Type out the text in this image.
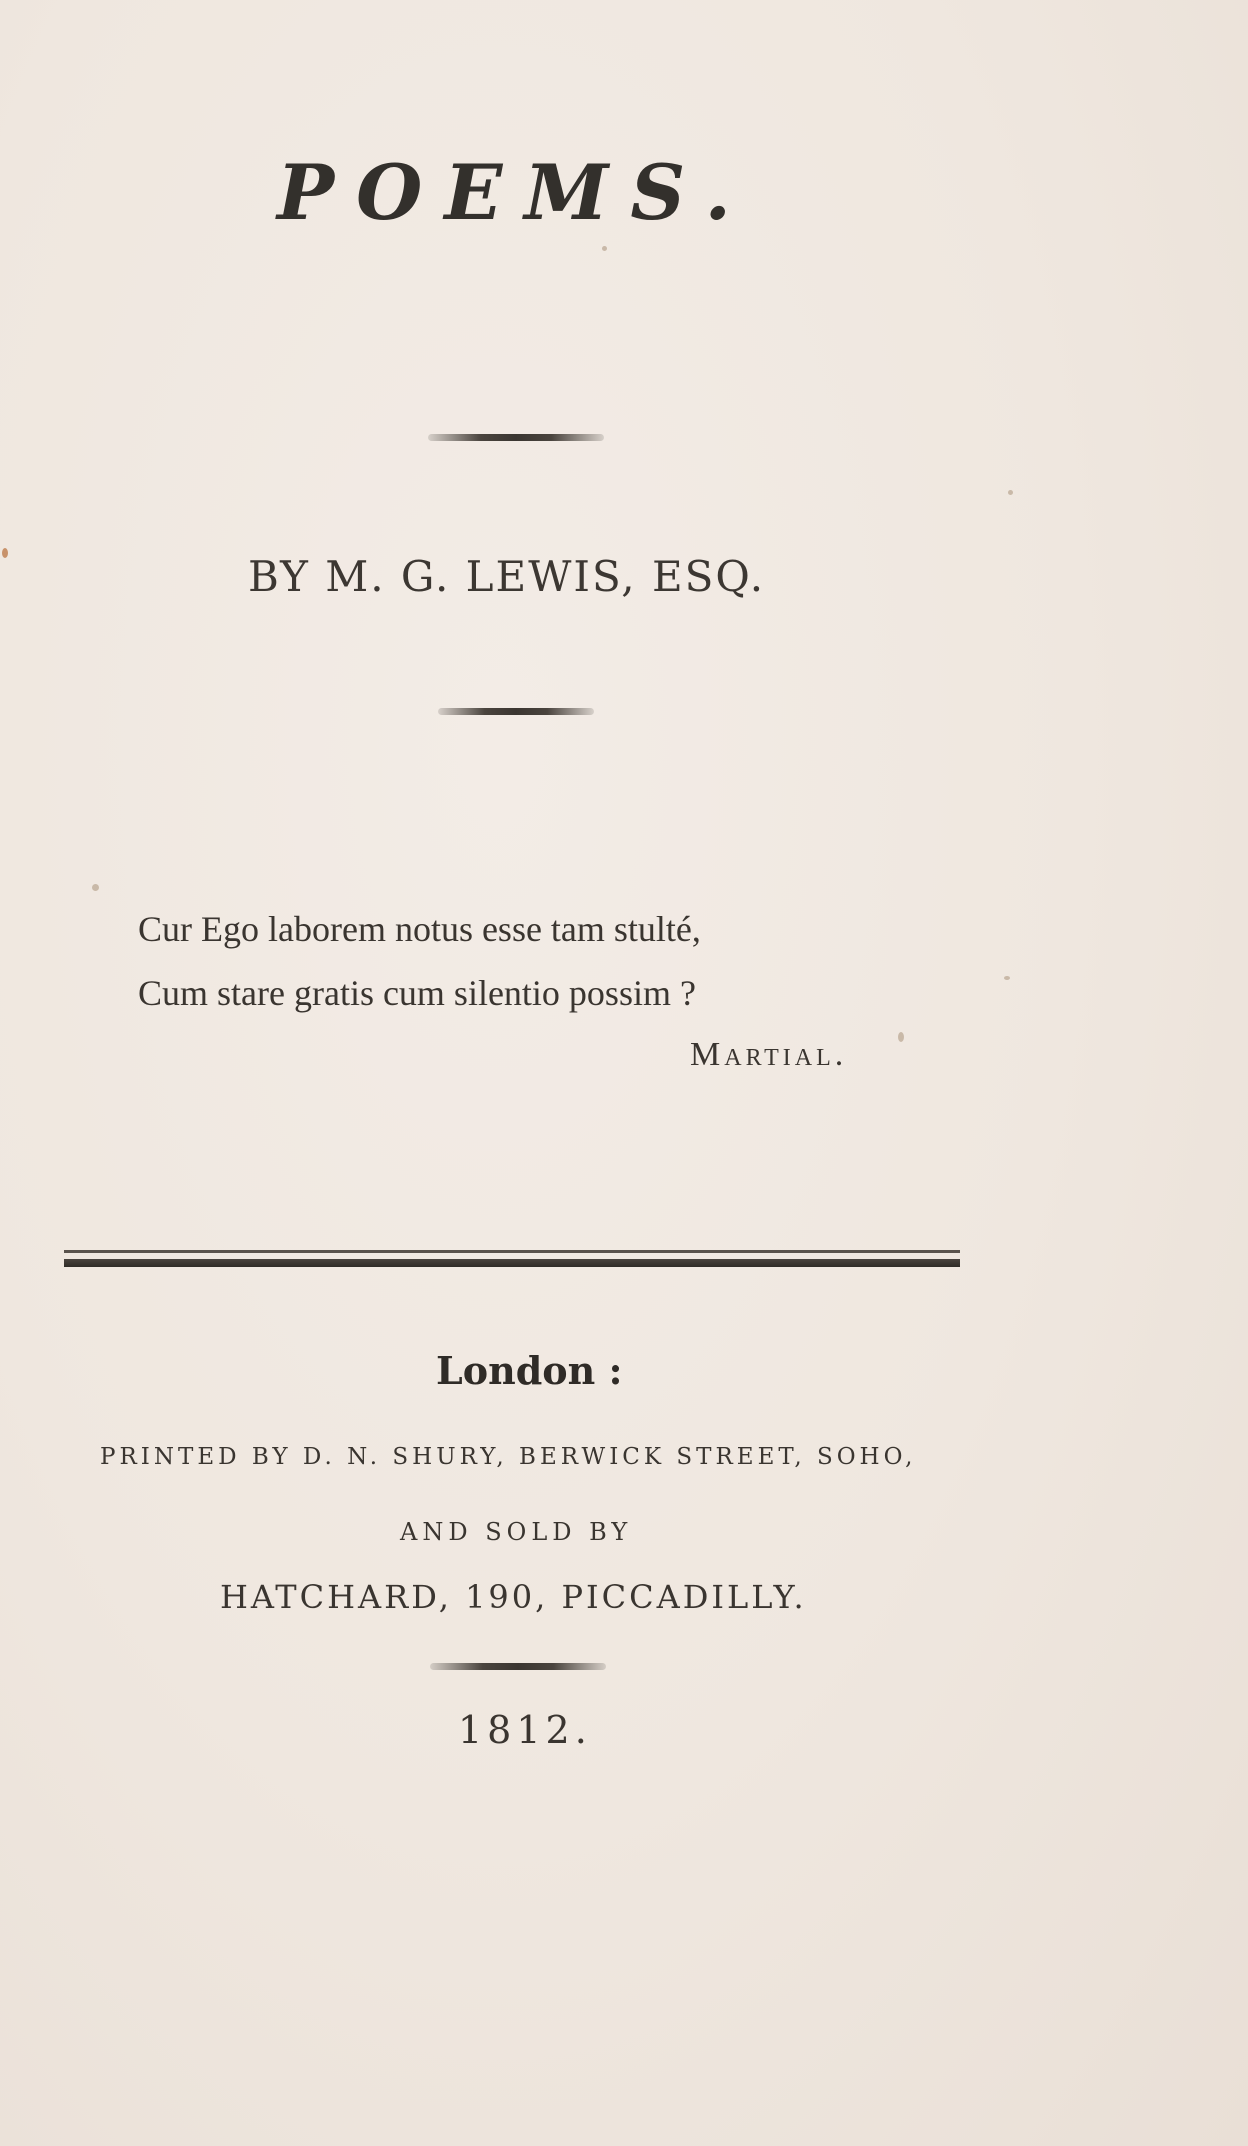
POEMS.
BY M. G. LEWIS, ESQ.
Cur Ego laborem notus esse tam stulté,
Cum stare gratis cum silentio possim ?
Martial.
London :
PRINTED BY D. N. SHURY, BERWICK STREET, SOHO,
AND SOLD BY
HATCHARD, 190, PICCADILLY.
1812.
